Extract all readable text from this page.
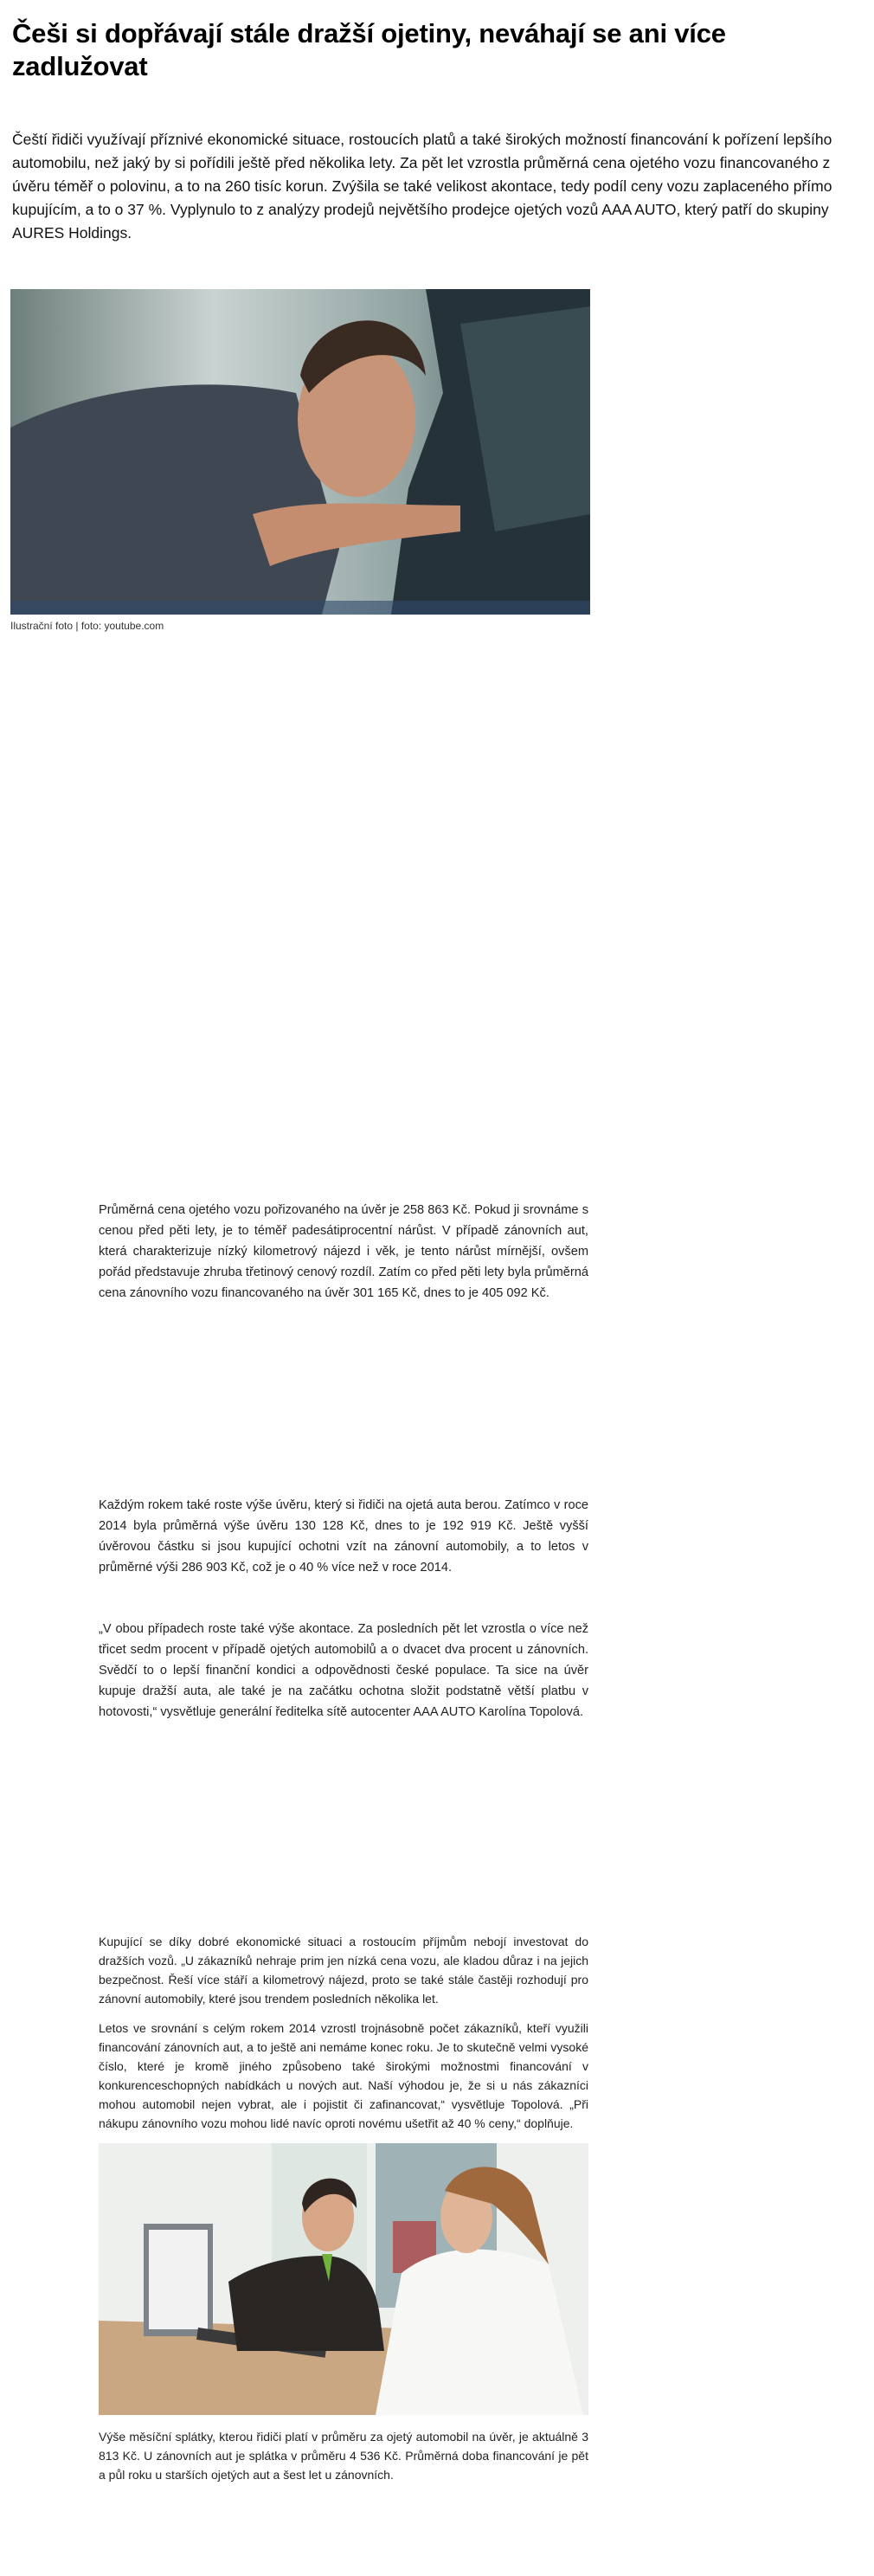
Češi si dopřávají stále dražší ojetiny, neváhají se ani více zadlužovat

Čeští řidiči využívají příznivé ekonomické situace, rostoucích platů a také širokých možností financování k pořízení lepšího automobilu, než jaký by si pořídili ještě před několika lety. Za pět let vzrostla průměrná cena ojetého vozu financovaného z úvěru téměř o polovinu, a to na 260 tisíc korun. Zvýšila se také velikost akontace, tedy podíl ceny vozu zaplaceného přímo kupujícím, a to o 37 %. Vyplynulo to z analýzy prodejů největšího prodejce ojetých vozů AAA AUTO, který patří do skupiny AURES Holdings.

Ilustrační foto | foto: youtube.com

Průměrná cena ojetého vozu pořizovaného na úvěr je 258 863 Kč. Pokud ji srovnáme s cenou před pěti lety, je to téměř padesátiprocentní nárůst. V případě zánovních aut, která charakterizuje nízký kilometrový nájezd i věk, je tento nárůst mírnější, ovšem pořád představuje zhruba třetinový cenový rozdíl. Zatím co před pěti lety byla průměrná cena zánovního vozu financovaného na úvěr 301 165 Kč, dnes to je 405 092 Kč.

Každým rokem také roste výše úvěru, který si řidiči na ojetá auta berou. Zatímco v roce 2014 byla průměrná výše úvěru 130 128 Kč, dnes to je 192 919 Kč. Ještě vyšší úvěrovou částku si jsou kupující ochotni vzít na zánovní automobily, a to letos v průměrné výši 286 903 Kč, což je o 40 % více než v roce 2014.

„V obou případech roste také výše akontace. Za posledních pět let vzrostla o více než třicet sedm procent v případě ojetých automobilů a o dvacet dva procent u zánovních. Svědčí to o lepší finanční kondici a odpovědnosti české populace. Ta sice na úvěr kupuje dražší auta, ale také je na začátku ochotna složit podstatně větší platbu v hotovosti,“ vysvětluje generální ředitelka sítě autocenter AAA AUTO Karolína Topolová.

Kupující se díky dobré ekonomické situaci a rostoucím příjmům nebojí investovat do dražších vozů. „U zákazníků nehraje prim jen nízká cena vozu, ale kladou důraz i na jejich bezpečnost. Řeší více stáří a kilometrový nájezd, proto se také stále častěji rozhodují pro zánovní automobily, které jsou trendem posledních několika let.

Letos ve srovnání s celým rokem 2014 vzrostl trojnásobně počet zákazníků, kteří využili financování zánovních aut, a to ještě ani nemáme konec roku. Je to skutečně velmi vysoké číslo, které je kromě jiného způsobeno také širokými možnostmi financování v konkurenceschopných nabídkách u nových aut. Naší výhodou je, že si u nás zákazníci mohou automobil nejen vybrat, ale i pojistit či zafinancovat,“ vysvětluje Topolová. „Při nákupu zánovního vozu mohou lidé navíc oproti novému ušetřit až 40 % ceny,“ doplňuje.

Výše měsíční splátky, kterou řidiči platí v průměru za ojetý automobil na úvěr, je aktuálně 3 813 Kč. U zánovních aut je splátka v průměru 4 536 Kč. Průměrná doba financování je pět a půl roku u starších ojetých aut a šest let u zánovních.
